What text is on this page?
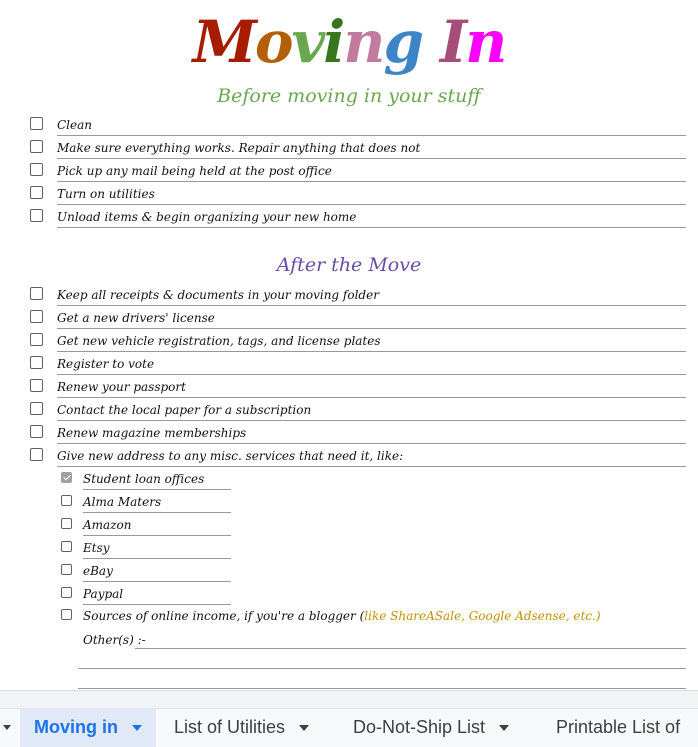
Moving In
Before moving in your stuff
Clean
Make sure everything works. Repair anything that does not
Pick up any mail being held at the post office
Turn on utilities
Unload items & begin organizing your new home
After the Move
Keep all receipts & documents in your moving folder
Get a new drivers' license
Get new vehicle registration, tags, and license plates
Register to vote
Renew your passport
Contact the local paper for a subscription
Renew magazine memberships
Give new address to any misc. services that need it, like:
Student loan offices
Alma Maters
Amazon
Etsy
eBay
Paypal
Sources of online income, if you're a blogger (like ShareASale, Google Adsense, etc.)
Other(s) :-
Moving in	List of Utilities	Do-Not-Ship List	Printable List of
